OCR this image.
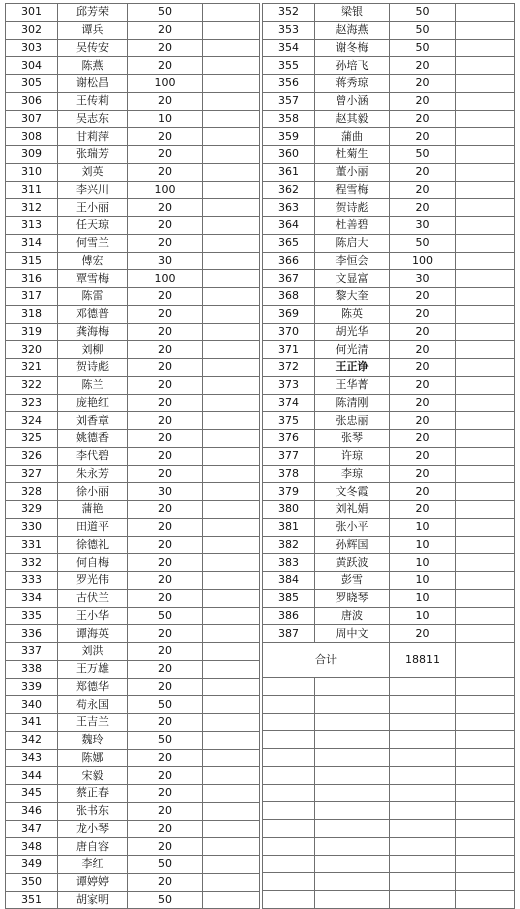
301	邱芳荣	50	
302	谭兵	20	
303	吴传安	20	
304	陈燕	20	
305	谢松昌	100	
306	王传莉	20	
307	吴志东	10	
308	甘莉萍	20	
309	张瑞芳	20	
310	刘英	20	
311	李兴川	100	
312	王小丽	20	
313	任天琼	20	
314	何雪兰	20	
315	傅宏	30	
316	覃雪梅	100	
317	陈雷	20	
318	邓德普	20	
319	龚海梅	20	
320	刘柳	20	
321	贺诗彪	20	
322	陈兰	20	
323	庞艳红	20	
324	刘香章	20	
325	姚德香	20	
326	李代碧	20	
327	朱永芳	20	
328	徐小丽	30	
329	蒲艳	20	
330	田道平	20	
331	徐德礼	20	
332	何自梅	20	
333	罗光伟	20	
334	古伏兰	20	
335	王小华	50	
336	谭海英	20	
337	刘洪	20	
338	王万雄	20	
339	郑德华	20	
340	苟永国	50	
341	王吉兰	20	
342	魏玲	50	
343	陈娜	20	
344	宋毅	20	
345	蔡正春	20	
346	张书东	20	
347	龙小琴	20	
348	唐自容	20	
349	李红	50	
350	谭婷婷	20	
351	胡家明	50	
352	梁银	50	
353	赵海燕	50	
354	谢冬梅	50	
355	孙培飞	20	
356	蒋秀琼	20	
357	曾小涵	20	
358	赵其毅	20	
359	蒲曲	20	
360	杜菊生	50	
361	董小丽	20	
362	程雪梅	20	
363	贺诗彪	20	
364	杜善碧	30	
365	陈启大	50	
366	李恒会	100	
367	文显富	30	
368	黎大奎	20	
369	陈英	20	
370	胡光华	20	
371	何光清	20	
372	王正诤	20	
373	王华菁	20	
374	陈清刚	20	
375	张忠丽	20	
376	张琴	20	
377	许琼	20	
378	李琼	20	
379	文冬霞	20	
380	刘礼娟	20	
381	张小平	10	
382	孙辉国	10	
383	黄跃波	10	
384	彭雪	10	
385	罗晓琴	10	
386	唐波	10	
387	周中文	20	
合计		18811	
